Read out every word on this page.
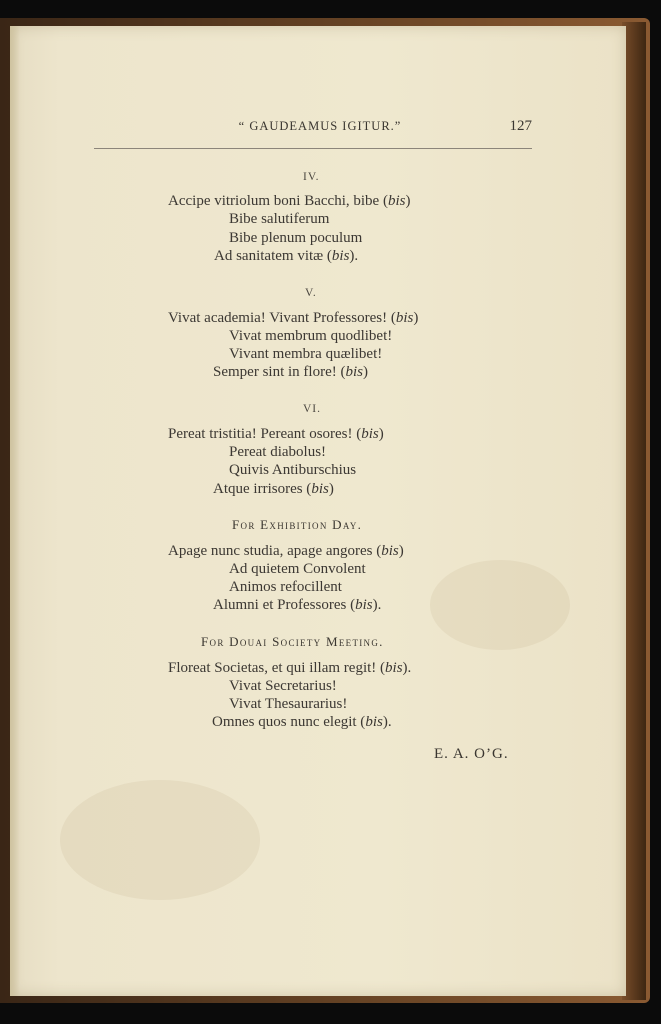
“ GAUDEAMUS IGITUR.”	127
IV.
Accipe vitriolum boni Bacchi, bibe (bis)
Bibe salutiferum
Bibe plenum poculum
Ad sanitatem vitæ (bis).
V.
Vivat academia! Vivant Professores! (bis)
Vivat membrum quodlibet!
Vivant membra quælibet!
Semper sint in flore! (bis)
VI.
Pereat tristitia! Pereant osores! (bis)
Pereat diabolus!
Quivis Antiburschius
Atque irrisores (bis)
For Exhibition Day.
Apage nunc studia, apage angores (bis)
Ad quietem Convolent
Animos refocillent
Alumni et Professores (bis).
For Douai Society Meeting.
Floreat Societas, et qui illam regit! (bis).
Vivat Secretarius!
Vivat Thesaurarius!
Omnes quos nunc elegit (bis).
E. A. O’G.
